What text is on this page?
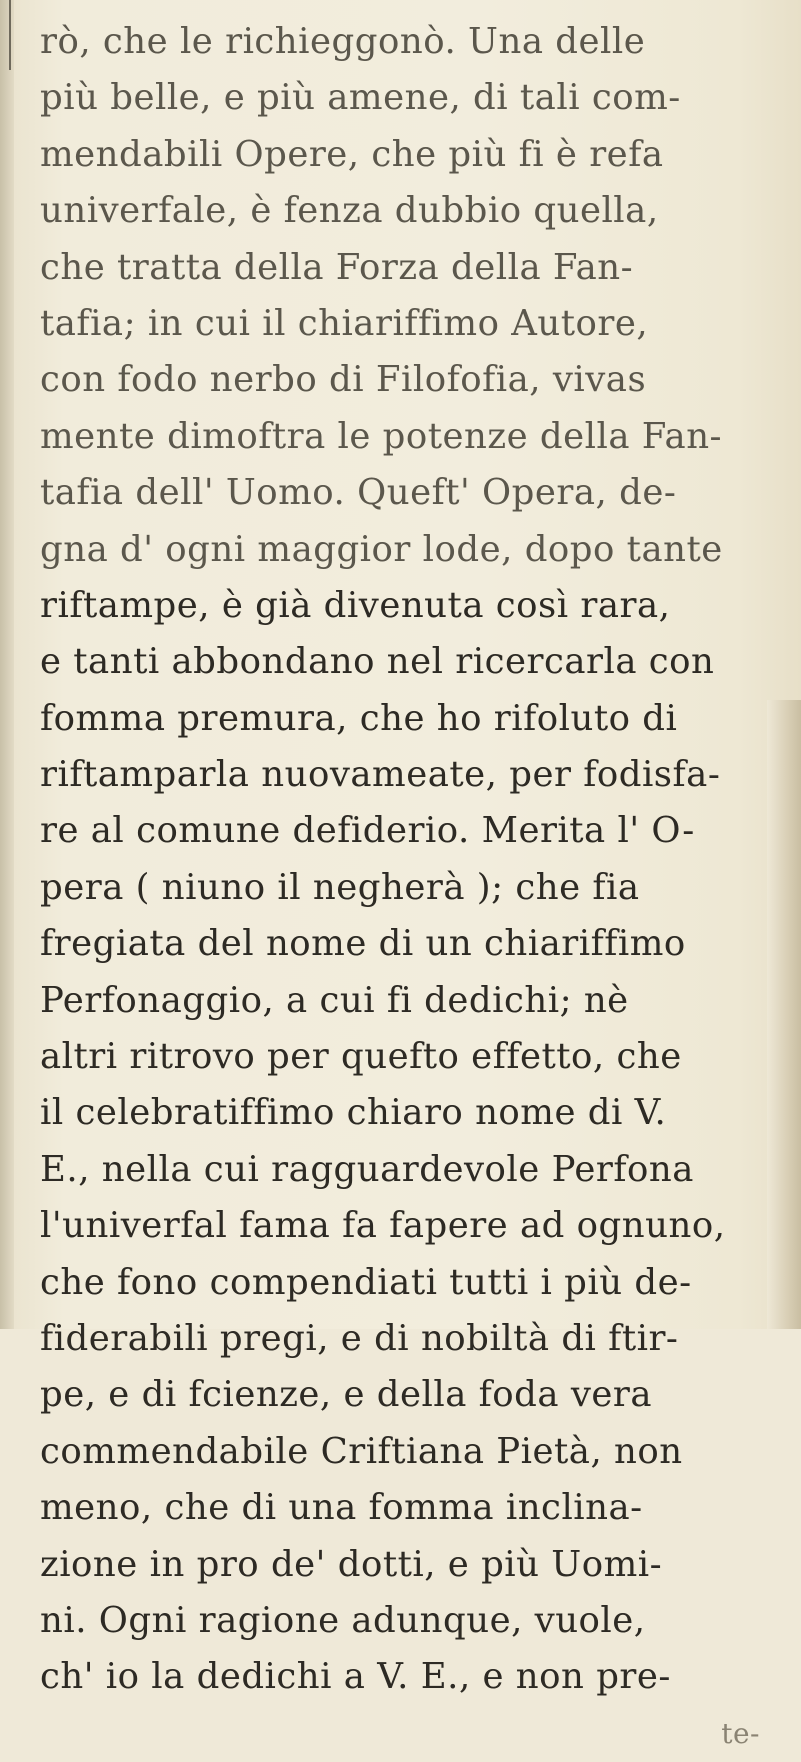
rò, che le richieggonò. Una delle
più belle, e più amene, di tali com-
mendabili Opere, che più fi è refa
univerfale, è fenza dubbio quella,
che tratta della Forza della Fan-
tafia; in cui il chiariffimo Autore,
con fodo nerbo di Filofofia, vivas
mente dimoftra le potenze della Fan-
tafia dell' Uomo. Queft' Opera, de-
gna d' ogni maggior lode, dopo tante
riftampe, è già divenuta così rara,
e tanti abbondano nel ricercarla con
fomma premura, che ho rifoluto di
riftamparla nuovameate, per fodisfa-
re al comune defiderio. Merita l' O-
pera ( niuno il negherà ); che fia
fregiata del nome di un chiariffimo
Perfonaggio, a cui fi dedichi; nè
altri ritrovo per quefto effetto, che
il celebratiffimo chiaro nome di V.
E., nella cui ragguardevole Perfona
l'univerfal fama fa fapere ad ognuno,
che fono compendiati tutti i più de-
fiderabili pregi, e di nobiltà di ftir-
pe, e di fcienze, e della foda vera
commendabile Criftiana Pietà, non
meno, che di una fomma inclina-
zione in pro de' dotti, e più Uomi-
ni. Ogni ragione adunque, vuole,
ch' io la dedichi a V. E., e non pre-
te-
